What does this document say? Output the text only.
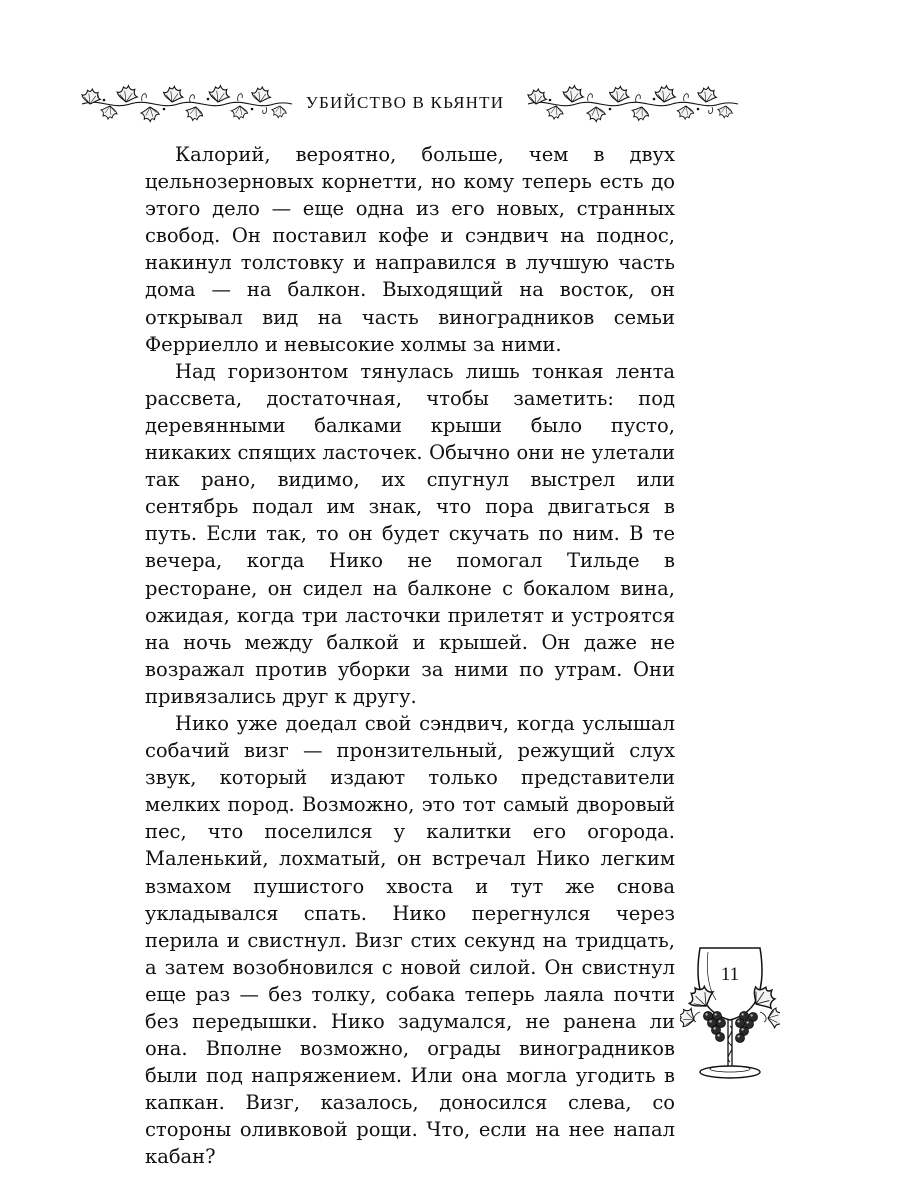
УБИЙСТВО В КЬЯНТИ

Калорий, вероятно, больше, чем в двух цельнозерновых корнетти, но кому теперь есть до этого дело — еще одна из его новых, странных свобод. Он поставил кофе и сэндвич на поднос, накинул толстовку и направился в лучшую часть дома — на балкон. Выходящий на восток, он открывал вид на часть виноградников семьи Ферриелло и невысокие холмы за ними.

Над горизонтом тянулась лишь тонкая лента рассвета, достаточная, чтобы заметить: под деревянными балками крыши было пусто, никаких спящих ласточек. Обычно они не улетали так рано, видимо, их спугнул выстрел или сентябрь подал им знак, что пора двигаться в путь. Если так, то он будет скучать по ним. В те вечера, когда Нико не помогал Тильде в ресторане, он сидел на балконе с бокалом вина, ожидая, когда три ласточки прилетят и устроятся на ночь между балкой и крышей. Он даже не возражал против уборки за ними по утрам. Они привязались друг к другу.

Нико уже доедал свой сэндвич, когда услышал собачий визг — пронзительный, режущий слух звук, который издают только представители мелких пород. Возможно, это тот самый дворовый пес, что поселился у калитки его огорода. Маленький, лохматый, он встречал Нико легким взмахом пушистого хвоста и тут же снова укладывался спать. Нико перегнулся через перила и свистнул. Визг стих секунд на тридцать, а затем возобновился с новой силой. Он свистнул еще раз — без толку, собака теперь лаяла почти без передышки. Нико задумался, не ранена ли она. Вполне возможно, ограды виноградников были под напряжением. Или она могла угодить в капкан. Визг, казалось, доносился слева, со стороны оливковой рощи. Что, если на нее напал кабан?

11
